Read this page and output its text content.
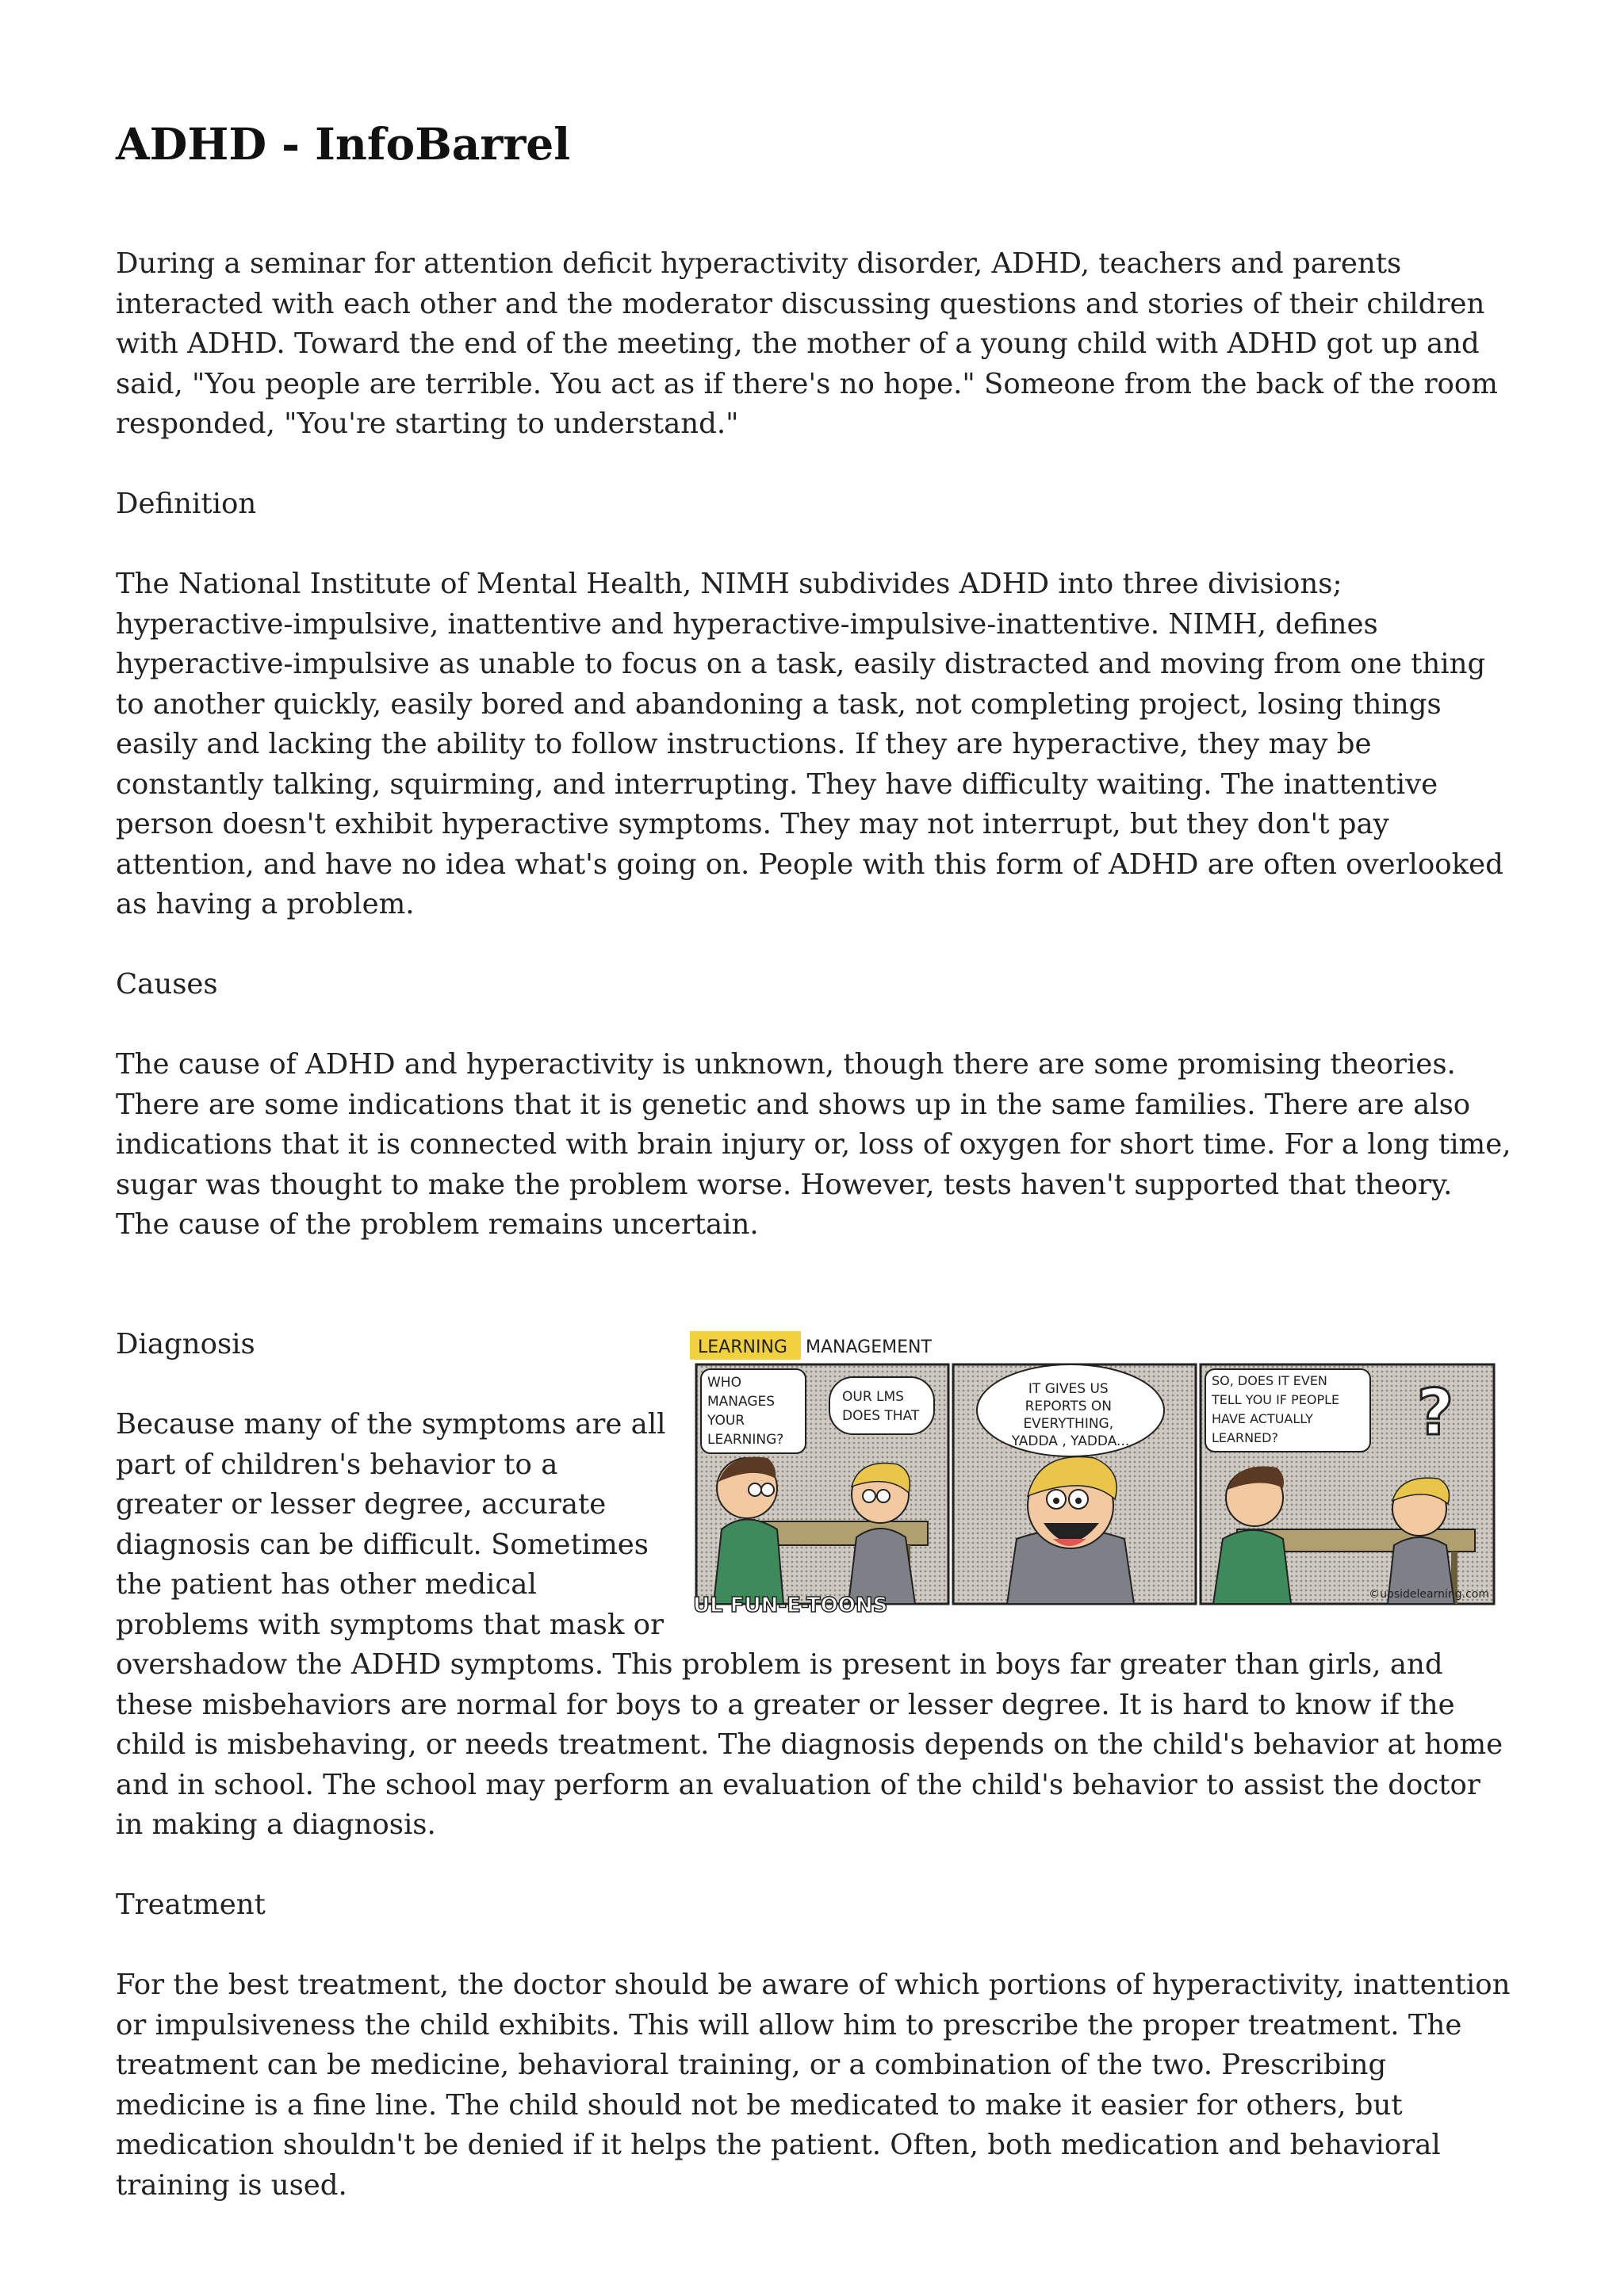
ADHD - InfoBarrel

During a seminar for attention deficit hyperactivity disorder, ADHD, teachers and parents interacted with each other and the moderator discussing questions and stories of their children with ADHD. Toward the end of the meeting, the mother of a young child with ADHD got up and said, "You people are terrible. You act as if there's no hope." Someone from the back of the room responded, "You're starting to understand."

Definition

The National Institute of Mental Health, NIMH subdivides ADHD into three divisions; hyperactive-impulsive, inattentive and hyperactive-impulsive-inattentive. NIMH, defines hyperactive-impulsive as unable to focus on a task, easily distracted and moving from one thing to another quickly, easily bored and abandoning a task, not completing project, losing things easily and lacking the ability to follow instructions. If they are hyperactive, they may be constantly talking, squirming, and interrupting. They have difficulty waiting. The inattentive person doesn't exhibit hyperactive symptoms. They may not interrupt, but they don't pay attention, and have no idea what's going on. People with this form of ADHD are often overlooked as having a problem.

Causes

The cause of ADHD and hyperactivity is unknown, though there are some promising theories. There are some indications that it is genetic and shows up in the same families. There are also indications that it is connected with brain injury or, loss of oxygen for short time. For a long time, sugar was thought to make the problem worse. However, tests haven't supported that theory. The cause of the problem remains uncertain.

LEARNING MANAGEMENT
WHO MANAGES YOUR LEARNING?
OUR LMS DOES THAT
IT GIVES US REPORTS ON EVERYTHING, YADDA , YADDA...
SO, DOES IT EVEN TELL YOU IF PEOPLE HAVE ACTUALLY LEARNED?	?
UL FUN-E-TOONS	©upsidelearning.com

Diagnosis

Because many of the symptoms are all part of children's behavior to a greater or lesser degree, accurate diagnosis can be difficult. Sometimes the patient has other medical problems with symptoms that mask or overshadow the ADHD symptoms. This problem is present in boys far greater than girls, and these misbehaviors are normal for boys to a greater or lesser degree. It is hard to know if the child is misbehaving, or needs treatment. The diagnosis depends on the child's behavior at home and in school. The school may perform an evaluation of the child's behavior to assist the doctor in making a diagnosis.

Treatment

For the best treatment, the doctor should be aware of which portions of hyperactivity, inattention or impulsiveness the child exhibits. This will allow him to prescribe the proper treatment. The treatment can be medicine, behavioral training, or a combination of the two. Prescribing medicine is a fine line. The child should not be medicated to make it easier for others, but medication shouldn't be denied if it helps the patient. Often, both medication and behavioral training is used.
